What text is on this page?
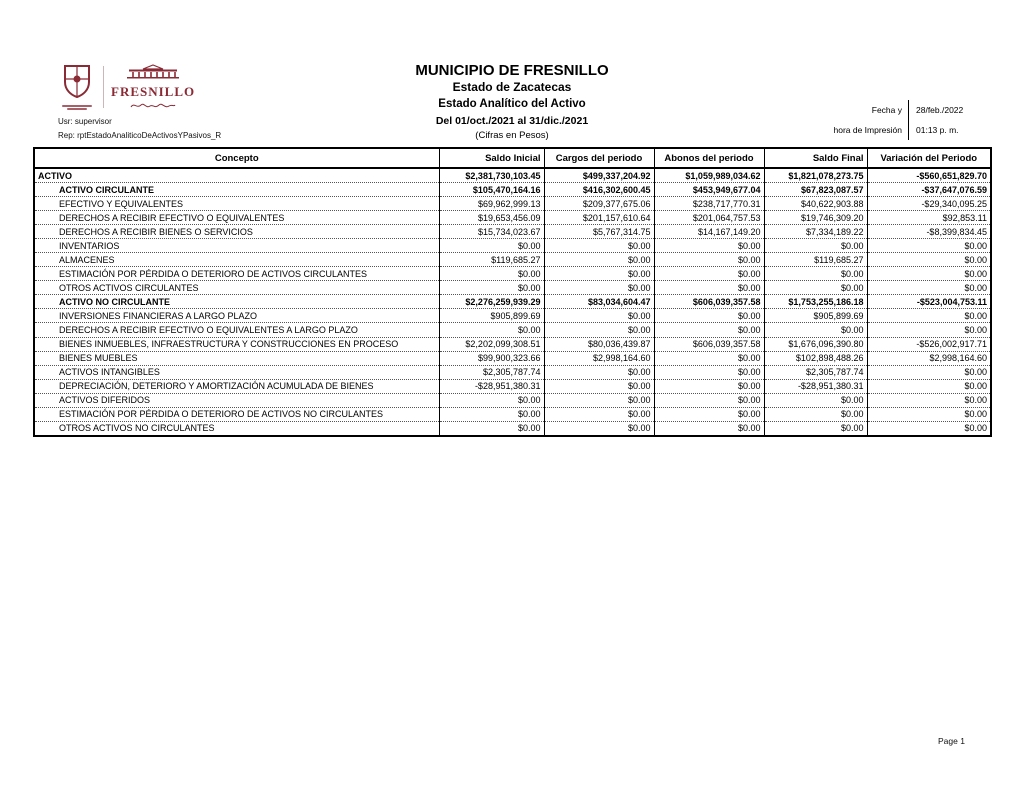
FRESNILLO
Usr: supervisor
Rep: rptEstadoAnaliticoDeActivosYPasivos_R
MUNICIPIO DE FRESNILLO
Estado de Zacatecas
Estado Analítico del Activo
Del 01/oct./2021 al 31/dic./2021
(Cifras en Pesos)
Fecha y	28/feb./2022
hora de Impresión	01:13 p. m.
Concepto	Saldo Inicial	Cargos del periodo	Abonos del periodo	Saldo Final	Variación del Periodo
ACTIVO	$2,381,730,103.45	$499,337,204.92	$1,059,989,034.62	$1,821,078,273.75	-$560,651,829.70
ACTIVO CIRCULANTE	$105,470,164.16	$416,302,600.45	$453,949,677.04	$67,823,087.57	-$37,647,076.59
EFECTIVO Y EQUIVALENTES	$69,962,999.13	$209,377,675.06	$238,717,770.31	$40,622,903.88	-$29,340,095.25
DERECHOS A RECIBIR EFECTIVO O EQUIVALENTES	$19,653,456.09	$201,157,610.64	$201,064,757.53	$19,746,309.20	$92,853.11
DERECHOS A RECIBIR BIENES O SERVICIOS	$15,734,023.67	$5,767,314.75	$14,167,149.20	$7,334,189.22	-$8,399,834.45
INVENTARIOS	$0.00	$0.00	$0.00	$0.00	$0.00
ALMACENES	$119,685.27	$0.00	$0.00	$119,685.27	$0.00
ESTIMACIÓN POR PÉRDIDA O DETERIORO DE ACTIVOS CIRCULANTES	$0.00	$0.00	$0.00	$0.00	$0.00
OTROS ACTIVOS CIRCULANTES	$0.00	$0.00	$0.00	$0.00	$0.00
ACTIVO NO CIRCULANTE	$2,276,259,939.29	$83,034,604.47	$606,039,357.58	$1,753,255,186.18	-$523,004,753.11
INVERSIONES FINANCIERAS A LARGO PLAZO	$905,899.69	$0.00	$0.00	$905,899.69	$0.00
DERECHOS A RECIBIR EFECTIVO O EQUIVALENTES A LARGO PLAZO	$0.00	$0.00	$0.00	$0.00	$0.00
BIENES INMUEBLES, INFRAESTRUCTURA Y CONSTRUCCIONES EN PROCESO	$2,202,099,308.51	$80,036,439.87	$606,039,357.58	$1,676,096,390.80	-$526,002,917.71
BIENES MUEBLES	$99,900,323.66	$2,998,164.60	$0.00	$102,898,488.26	$2,998,164.60
ACTIVOS INTANGIBLES	$2,305,787.74	$0.00	$0.00	$2,305,787.74	$0.00
DEPRECIACIÓN, DETERIORO Y AMORTIZACIÓN ACUMULADA DE BIENES	-$28,951,380.31	$0.00	$0.00	-$28,951,380.31	$0.00
ACTIVOS DIFERIDOS	$0.00	$0.00	$0.00	$0.00	$0.00
ESTIMACIÓN POR PÉRDIDA O DETERIORO DE ACTIVOS NO CIRCULANTES	$0.00	$0.00	$0.00	$0.00	$0.00
OTROS ACTIVOS NO CIRCULANTES	$0.00	$0.00	$0.00	$0.00	$0.00
Page 1
